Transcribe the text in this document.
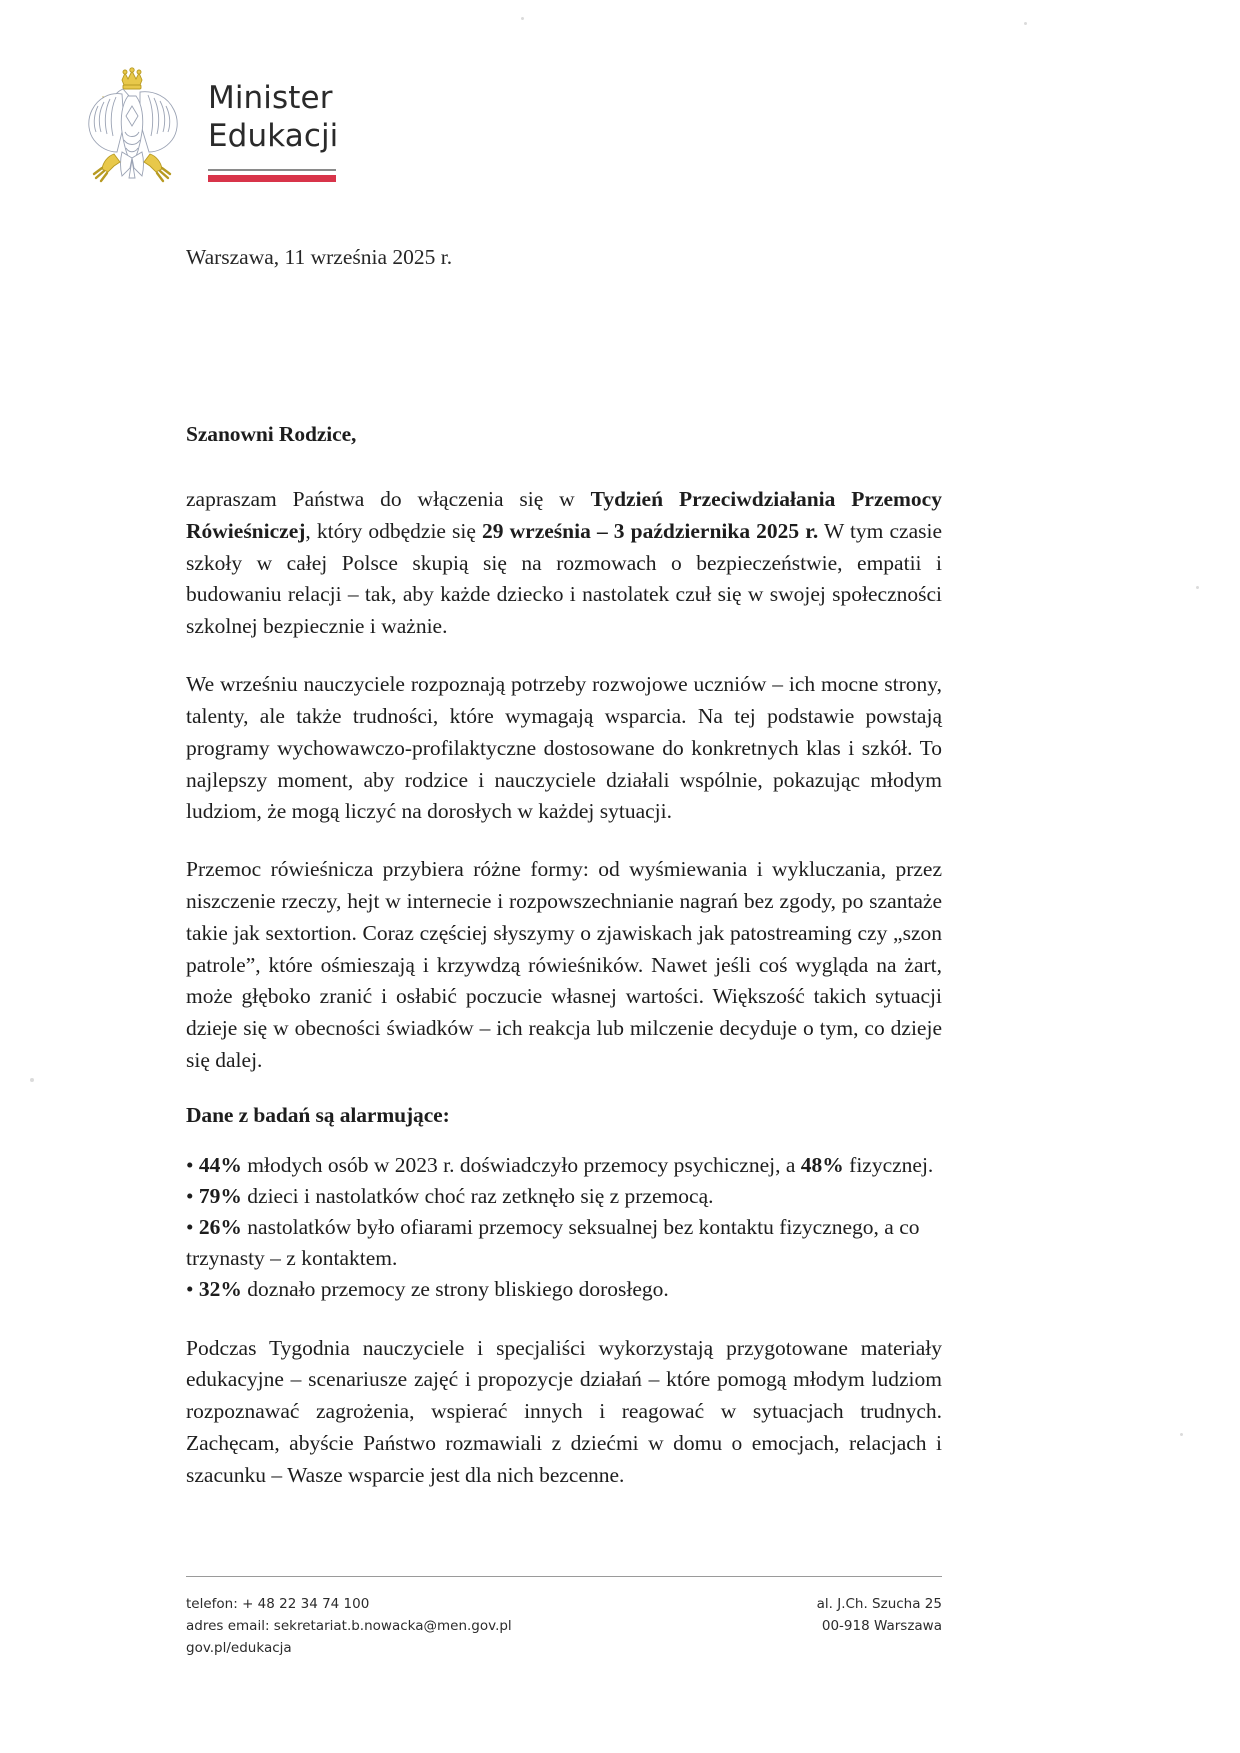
Minister
Edukacji
Warszawa, 11 września 2025 r.
Szanowni Rodzice,

zapraszam Państwa do włączenia się w Tydzień Przeciwdziałania Przemocy Rówieśniczej, który odbędzie się 29 września – 3 października 2025 r. W tym czasie szkoły w całej Polsce skupią się na rozmowach o bezpieczeństwie, empatii i budowaniu relacji – tak, aby każde dziecko i nastolatek czuł się w swojej społeczności szkolnej bezpiecznie i ważnie.

We wrześniu nauczyciele rozpoznają potrzeby rozwojowe uczniów – ich mocne strony, talenty, ale także trudności, które wymagają wsparcia. Na tej podstawie powstają programy wychowawczo-profilaktyczne dostosowane do konkretnych klas i szkół. To najlepszy moment, aby rodzice i nauczyciele działali wspólnie, pokazując młodym ludziom, że mogą liczyć na dorosłych w każdej sytuacji.

Przemoc rówieśnicza przybiera różne formy: od wyśmiewania i wykluczania, przez niszczenie rzeczy, hejt w internecie i rozpowszechnianie nagrań bez zgody, po szantaże takie jak sextortion. Coraz częściej słyszymy o zjawiskach jak patostreaming czy „szon patrole”, które ośmieszają i krzywdzą rówieśników. Nawet jeśli coś wygląda na żart, może głęboko zranić i osłabić poczucie własnej wartości. Większość takich sytuacji dzieje się w obecności świadków – ich reakcja lub milczenie decyduje o tym, co dzieje się dalej.

Dane z badań są alarmujące:
• 44% młodych osób w 2023 r. doświadczyło przemocy psychicznej, a 48% fizycznej.
• 79% dzieci i nastolatków choć raz zetknęło się z przemocą.
• 26% nastolatków było ofiarami przemocy seksualnej bez kontaktu fizycznego, a co trzynasty – z kontaktem.
• 32% doznało przemocy ze strony bliskiego dorosłego.

Podczas Tygodnia nauczyciele i specjaliści wykorzystają przygotowane materiały edukacyjne – scenariusze zajęć i propozycje działań – które pomogą młodym ludziom rozpoznawać zagrożenia, wspierać innych i reagować w sytuacjach trudnych. Zachęcam, abyście Państwo rozmawiali z dziećmi w domu o emocjach, relacjach i szacunku – Wasze wsparcie jest dla nich bezcenne.

telefon: + 48 22 34 74 100
adres email: sekretariat.b.nowacka@men.gov.pl
gov.pl/edukacja
al. J.Ch. Szucha 25
00-918 Warszawa
